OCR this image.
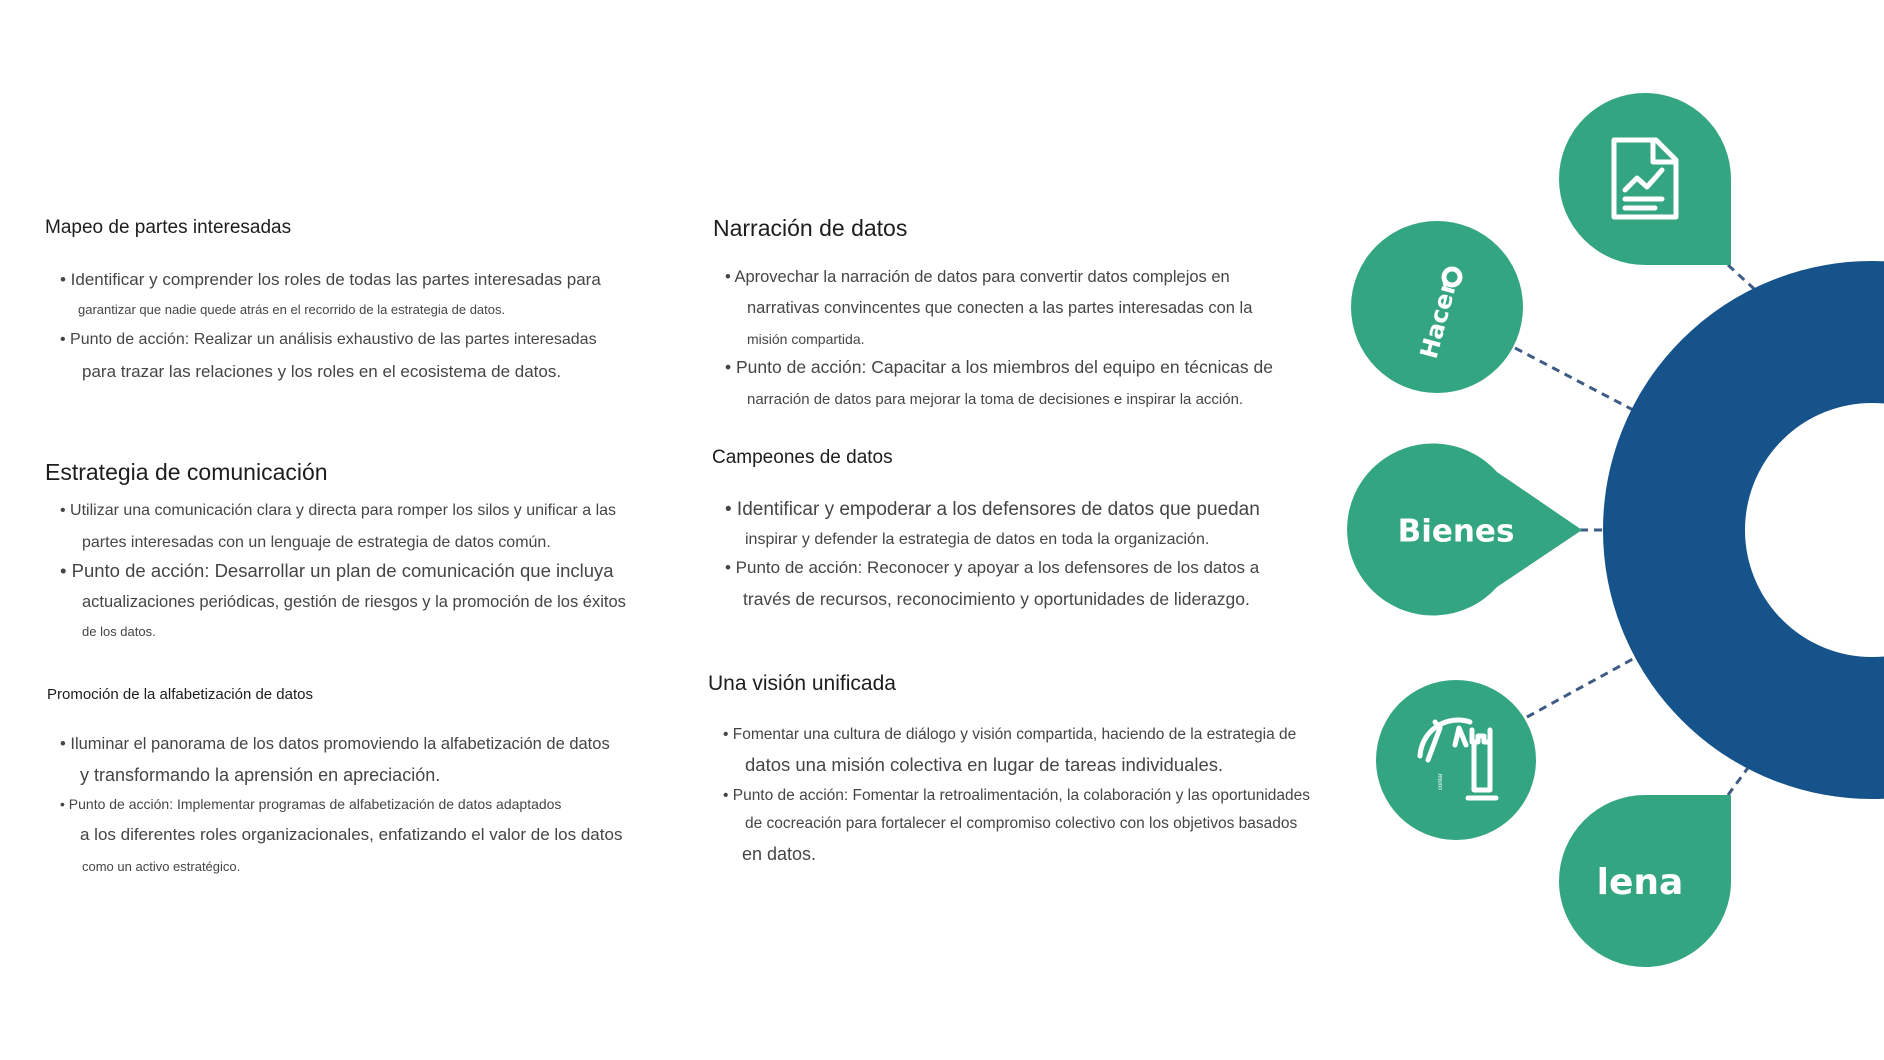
Mapeo de partes interesadas
• Identificar y comprender los roles de todas las partes interesadas para
garantizar que nadie quede atrás en el recorrido de la estrategia de datos.
• Punto de acción: Realizar un análisis exhaustivo de las partes interesadas
para trazar las relaciones y los roles en el ecosistema de datos.
Estrategia de comunicación
• Utilizar una comunicación clara y directa para romper los silos y unificar a las
partes interesadas con un lenguaje de estrategia de datos común.
• Punto de acción: Desarrollar un plan de comunicación que incluya
actualizaciones periódicas, gestión de riesgos y la promoción de los éxitos
de los datos.
Promoción de la alfabetización de datos
• Iluminar el panorama de los datos promoviendo la alfabetización de datos
y transformando la aprensión en apreciación.
• Punto de acción: Implementar programas de alfabetización de datos adaptados
a los diferentes roles organizacionales, enfatizando el valor de los datos
como un activo estratégico.
Narración de datos
• Aprovechar la narración de datos para convertir datos complejos en
narrativas convincentes que conecten a las partes interesadas con la
misión compartida.
• Punto de acción: Capacitar a los miembros del equipo en técnicas de
narración de datos para mejorar la toma de decisiones e inspirar la acción.
Campeones de datos
• Identificar y empoderar a los defensores de datos que puedan
inspirar y defender la estrategia de datos en toda la organización.
• Punto de acción: Reconocer y apoyar a los defensores de los datos a
través de recursos, reconocimiento y oportunidades de liderazgo.
Una visión unificada
• Fomentar una cultura de diálogo y visión compartida, haciendo de la estrategia de
datos una misión colectiva en lugar de tareas individuales.
• Punto de acción: Fomentar la retroalimentación, la colaboración y las oportunidades
de cocreación para fortalecer el compromiso colectivo con los objetivos basados
en datos.
Hacer
Bienes
contar
lena
